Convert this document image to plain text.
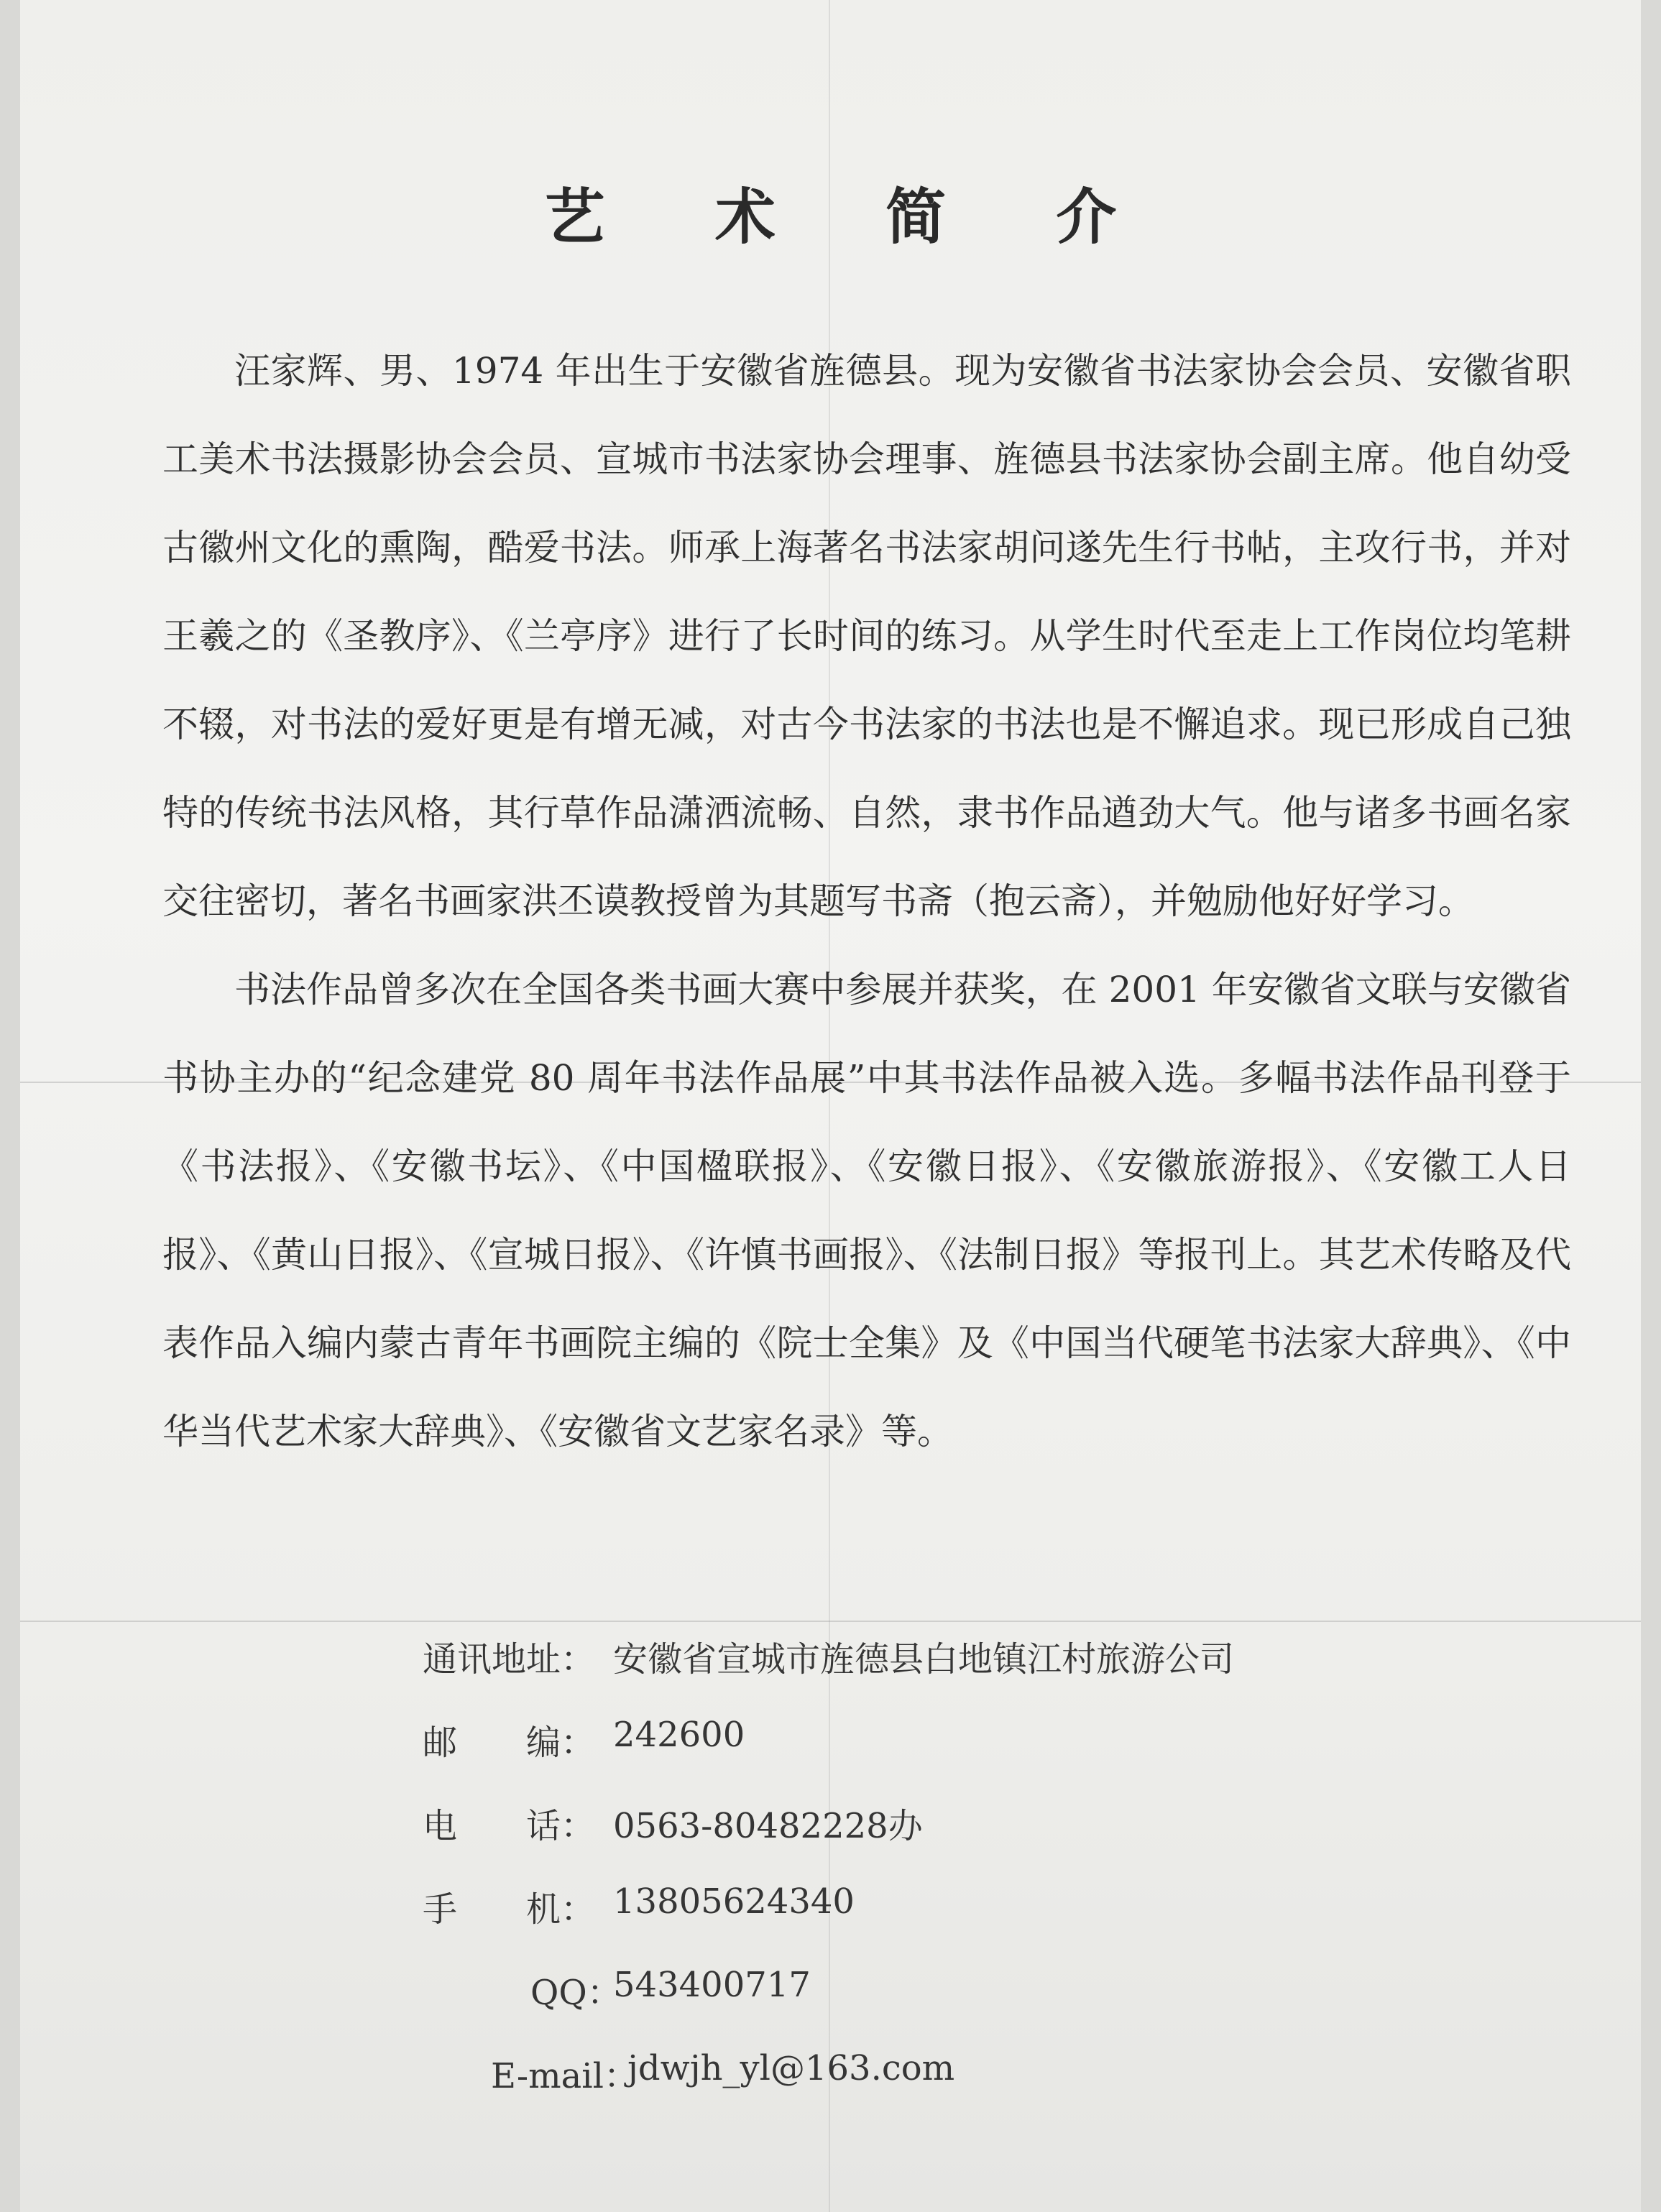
艺 术 简 介

汪家辉、男、1974 年出生于安徽省旌德县。现为安徽省书法家协会会员、安徽省职工美术书法摄影协会会员、宣城市书法家协会理事、旌德县书法家协会副主席。他自幼受古徽州文化的熏陶，酷爱书法。师承上海著名书法家胡问遂先生行书帖，主攻行书，并对王羲之的《圣教序》、《兰亭序》进行了长时间的练习。从学生时代至走上工作岗位均笔耕不辍，对书法的爱好更是有增无减，对古今书法家的书法也是不懈追求。现已形成自己独特的传统书法风格，其行草作品潇洒流畅、自然，隶书作品遒劲大气。他与诸多书画名家交往密切，著名书画家洪丕谟教授曾为其题写书斋（抱云斋），并勉励他好好学习。

书法作品曾多次在全国各类书画大赛中参展并获奖，在 2001 年安徽省文联与安徽省书协主办的“纪念建党 80 周年书法作品展”中其书法作品被入选。多幅书法作品刊登于《书法报》、《安徽书坛》、《中国楹联报》、《安徽日报》、《安徽旅游报》、《安徽工人日报》、《黄山日报》、《宣城日报》、《许慎书画报》、《法制日报》等报刊上。其艺术传略及代表作品入编内蒙古青年书画院主编的《院士全集》及《中国当代硬笔书法家大辞典》、《中华当代艺术家大辞典》、《安徽省文艺家名录》等。

通讯地址： 安徽省宣城市旌德县白地镇江村旅游公司
邮　　编： 242600
电　　话： 0563-80482228办
手　　机： 13805624340
QQ：
543400717
E-mail：
jdwjh_yl@163.com
